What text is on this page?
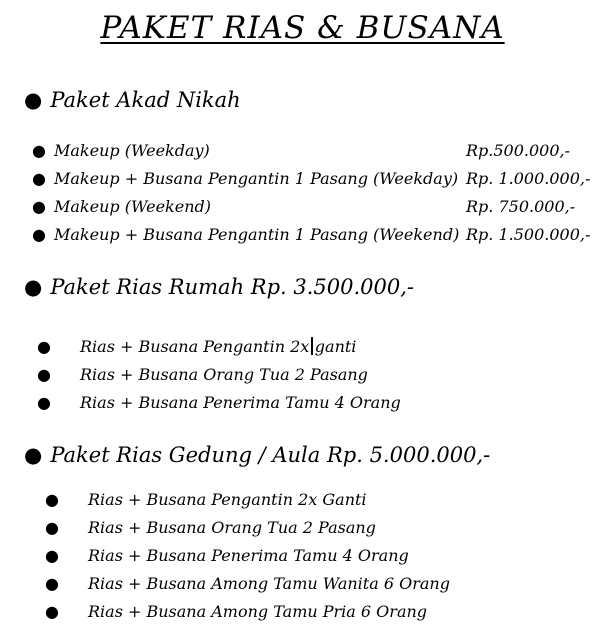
PAKET RIAS & BUSANA
● Paket Akad Nikah
● Makeup (Weekday)	Rp.500.000,-
● Makeup + Busana Pengantin 1 Pasang (Weekday) Rp. 1.000.000,-
● Makeup (Weekend)	Rp. 750.000,-
● Makeup + Busana Pengantin 1 Pasang (Weekend) Rp. 1.500.000,-
● Paket Rias Rumah Rp. 3.500.000,-
● Rias + Busana Pengantin 2x ganti
● Rias + Busana Orang Tua 2 Pasang
● Rias + Busana Penerima Tamu 4 Orang
● Paket Rias Gedung / Aula Rp. 5.000.000,-
● Rias + Busana Pengantin 2x Ganti
● Rias + Busana Orang Tua 2 Pasang
● Rias + Busana Penerima Tamu 4 Orang
● Rias + Busana Among Tamu Wanita 6 Orang
● Rias + Busana Among Tamu Pria 6 Orang
